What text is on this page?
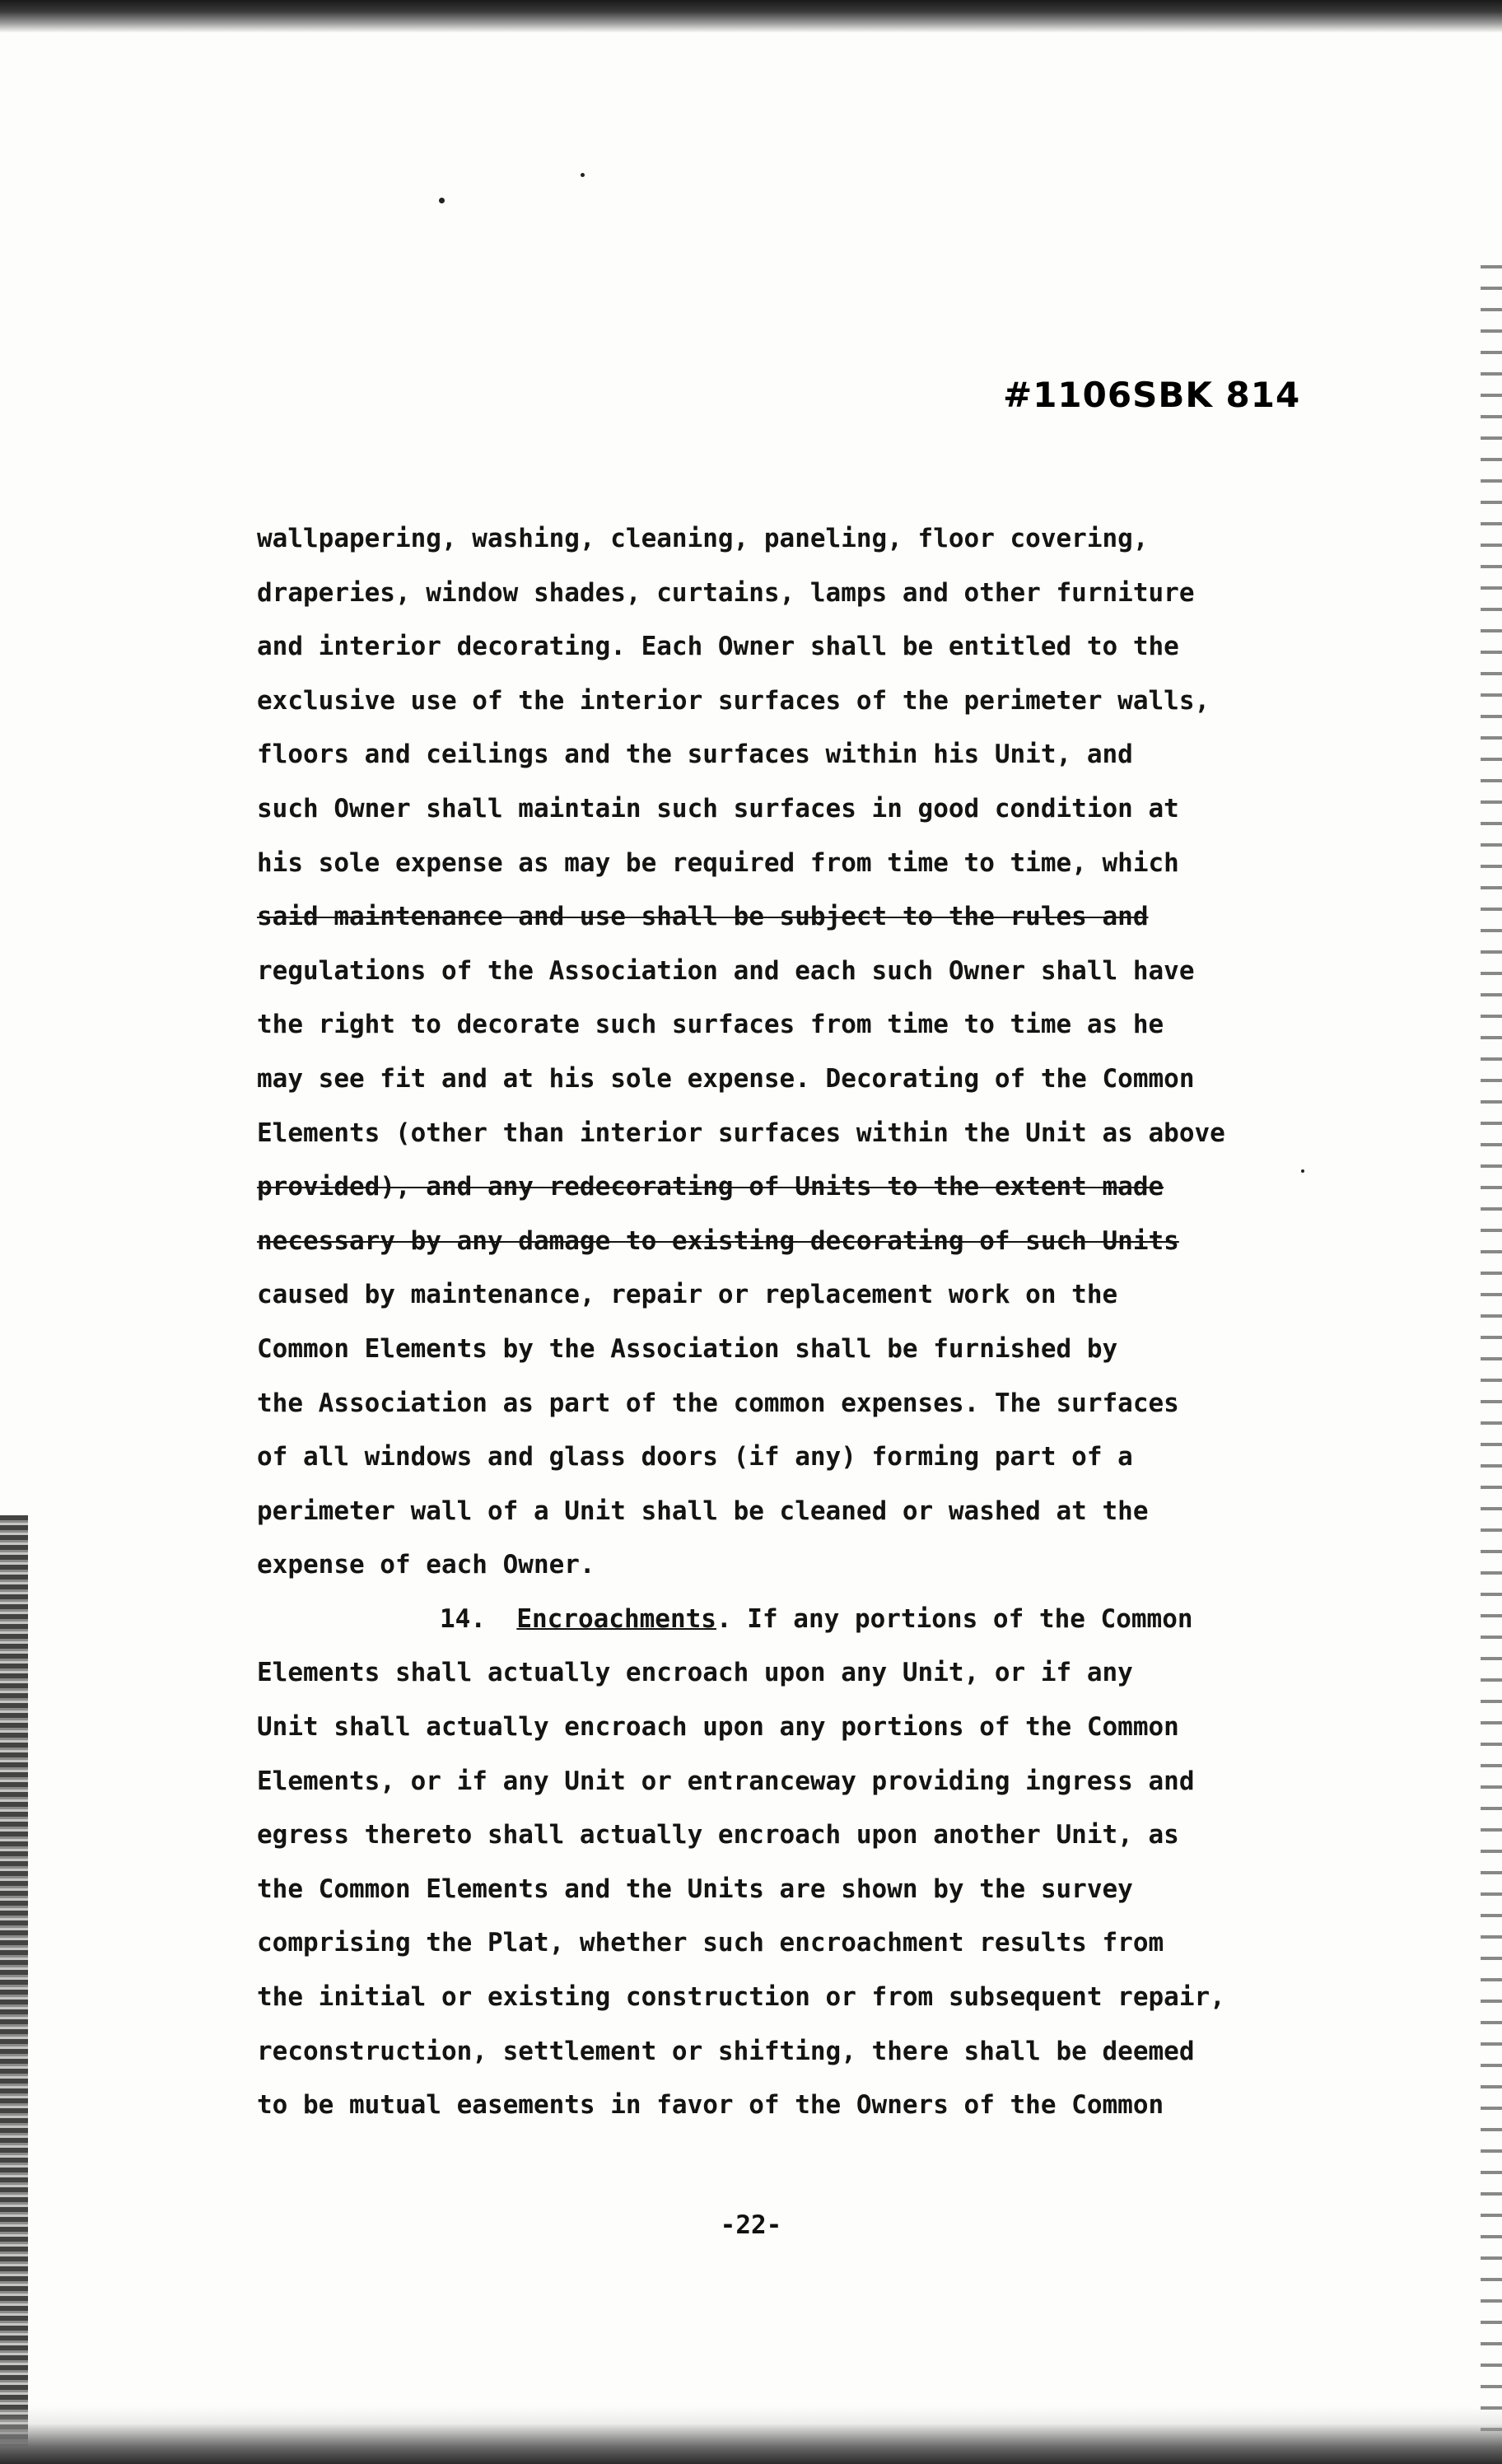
#1106SBK 814
wallpapering, washing, cleaning, paneling, floor covering,
draperies, window shades, curtains, lamps and other furniture
and interior decorating. Each Owner shall be entitled to the
exclusive use of the interior surfaces of the perimeter walls,
floors and ceilings and the surfaces within his Unit, and
such Owner shall maintain such surfaces in good condition at
his sole expense as may be required from time to time, which
said maintenance and use shall be subject to the rules and
regulations of the Association and each such Owner shall have
the right to decorate such surfaces from time to time as he
may see fit and at his sole expense. Decorating of the Common
Elements (other than interior surfaces within the Unit as above
provided), and any redecorating of Units to the extent made
necessary by any damage to existing decorating of such Units
caused by maintenance, repair or replacement work on the
Common Elements by the Association shall be furnished by
the Association as part of the common expenses. The surfaces
of all windows and glass doors (if any) forming part of a
perimeter wall of a Unit shall be cleaned or washed at the
expense of each Owner.
14. Encroachments. If any portions of the Common
Elements shall actually encroach upon any Unit, or if any
Unit shall actually encroach upon any portions of the Common
Elements, or if any Unit or entranceway providing ingress and
egress thereto shall actually encroach upon another Unit, as
the Common Elements and the Units are shown by the survey
comprising the Plat, whether such encroachment results from
the initial or existing construction or from subsequent repair,
reconstruction, settlement or shifting, there shall be deemed
to be mutual easements in favor of the Owners of the Common
-22-
